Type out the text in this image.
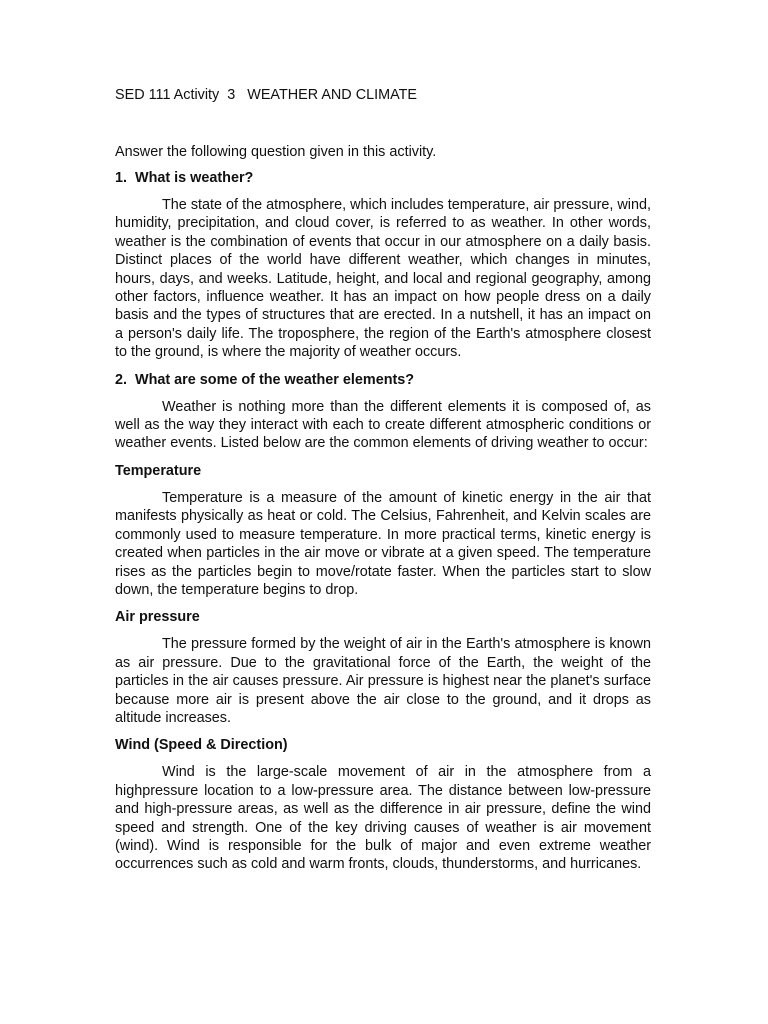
SED 111 Activity  3   WEATHER AND CLIMATE
Answer the following question given in this activity.
1.  What is weather?

The state of the atmosphere, which includes temperature, air pressure, wind, humidity, precipitation, and cloud cover, is referred to as weather. In other words, weather is the combination of events that occur in our atmosphere on a daily basis. Distinct places of the world have different weather, which changes in minutes, hours, days, and weeks. Latitude, height, and local and regional geography, among other factors, influence weather. It has an impact on how people dress on a daily basis and the types of structures that are erected. In a nutshell, it has an impact on a person's daily life. The troposphere, the region of the Earth's atmosphere closest to the ground, is where the majority of weather occurs.

2.  What are some of the weather elements?

Weather is nothing more than the different elements it is composed of, as well as the way they interact with each to create different atmospheric conditions or weather events. Listed below are the common elements of driving weather to occur:

Temperature

Temperature is a measure of the amount of kinetic energy in the air that manifests physically as heat or cold. The Celsius, Fahrenheit, and Kelvin scales are commonly used to measure temperature. In more practical terms, kinetic energy is created when particles in the air move or vibrate at a given speed. The temperature rises as the particles begin to move/rotate faster. When the particles start to slow down, the temperature begins to drop.

Air pressure

The pressure formed by the weight of air in the Earth's atmosphere is known as air pressure. Due to the gravitational force of the Earth, the weight of the particles in the air causes pressure. Air pressure is highest near the planet's surface because more air is present above the air close to the ground, and it drops as altitude increases.

Wind (Speed & Direction)

Wind is the large-scale movement of air in the atmosphere from a highpressure location to a low-pressure area. The distance between low-pressure and high-pressure areas, as well as the difference in air pressure, define the wind speed and strength. One of the key driving causes of weather is air movement (wind). Wind is responsible for the bulk of major and even extreme weather occurrences such as cold and warm fronts, clouds, thunderstorms, and hurricanes.
